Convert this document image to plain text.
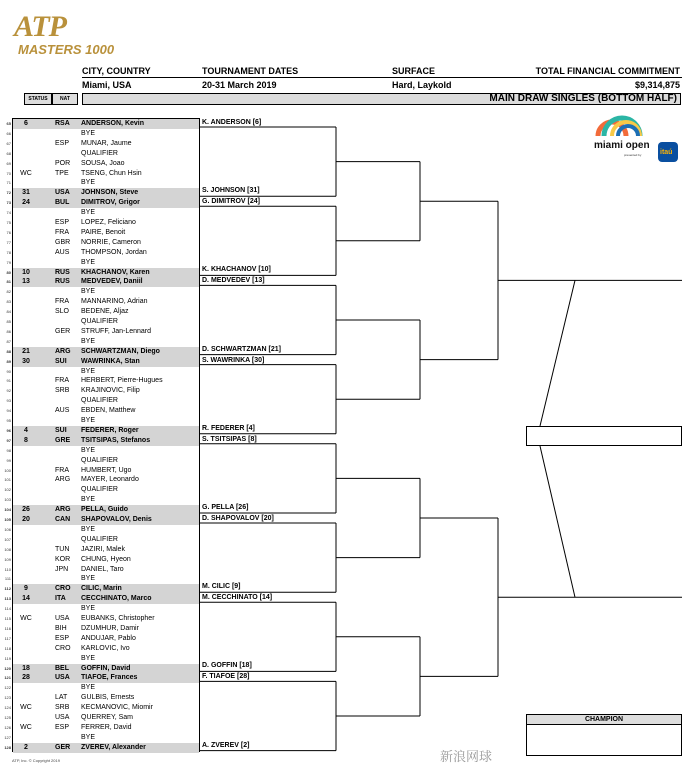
ATP
MASTERS 1000
CITY, COUNTRY
Miami, USA
TOURNAMENT DATES
20-31 March 2019
SURFACE
Hard, Laykold
TOTAL FINANCIAL COMMITMENT
$9,314,875
STATUS	NAT	MAIN DRAW SINGLES (BOTTOM HALF)
miami open
presented by	itaú
65	6	RSA	ANDERSON, Kevin
66	BYE
67	ESP	MUNAR, Jaume
68	QUALIFIER
69	POR	SOUSA, Joao
70	WC	TPE	TSENG, Chun Hsin
71	BYE
72	31	USA	JOHNSON, Steve
73	24	BUL	DIMITROV, Grigor
74	BYE
75	ESP	LOPEZ, Feliciano
76	FRA	PAIRE, Benoit
77	GBR	NORRIE, Cameron
78	AUS	THOMPSON, Jordan
79	BYE
80	10	RUS	KHACHANOV, Karen
81	13	RUS	MEDVEDEV, Daniil
82	BYE
83	FRA	MANNARINO, Adrian
84	SLO	BEDENE, Aljaz
85	QUALIFIER
86	GER	STRUFF, Jan-Lennard
87	BYE
88	21	ARG	SCHWARTZMAN, Diego
89	30	SUI	WAWRINKA, Stan
90	BYE
91	FRA	HERBERT, Pierre-Hugues
92	SRB	KRAJINOVIC, Filip
93	QUALIFIER
94	AUS	EBDEN, Matthew
95	BYE
96	4	SUI	FEDERER, Roger
97	8	GRE	TSITSIPAS, Stefanos
98	BYE
99	QUALIFIER
100	FRA	HUMBERT, Ugo
101	ARG	MAYER, Leonardo
102	QUALIFIER
103	BYE
104	26	ARG	PELLA, Guido
105	20	CAN	SHAPOVALOV, Denis
106	BYE
107	QUALIFIER
108	TUN	JAZIRI, Malek
109	KOR	CHUNG, Hyeon
110	JPN	DANIEL, Taro
111	BYE
112	9	CRO	CILIC, Marin
113	14	ITA	CECCHINATO, Marco
114	BYE
115	WC	USA	EUBANKS, Christopher
116	BIH	DZUMHUR, Damir
117	ESP	ANDUJAR, Pablo
118	CRO	KARLOVIC, Ivo
119	BYE
120	18	BEL	GOFFIN, David
121	28	USA	TIAFOE, Frances
122	BYE
123	LAT	GULBIS, Ernests
124	WC	SRB	KECMANOVIC, Miomir
125	USA	QUERREY, Sam
126	WC	ESP	FERRER, David
127	BYE
128	2	GER	ZVEREV, Alexander
K. ANDERSON [6]
S. JOHNSON [31]
G. DIMITROV [24]
K. KHACHANOV [10]
D. MEDVEDEV [13]
D. SCHWARTZMAN [21]
S. WAWRINKA [30]
R. FEDERER [4]
S. TSITSIPAS [8]
G. PELLA [26]
D. SHAPOVALOV [20]
M. CILIC [9]
M. CECCHINATO [14]
D. GOFFIN [18]
F. TIAFOE [28]
A. ZVEREV [2]
CHAMPION
ATP, Inc. © Copyright 2019	新浪网球
